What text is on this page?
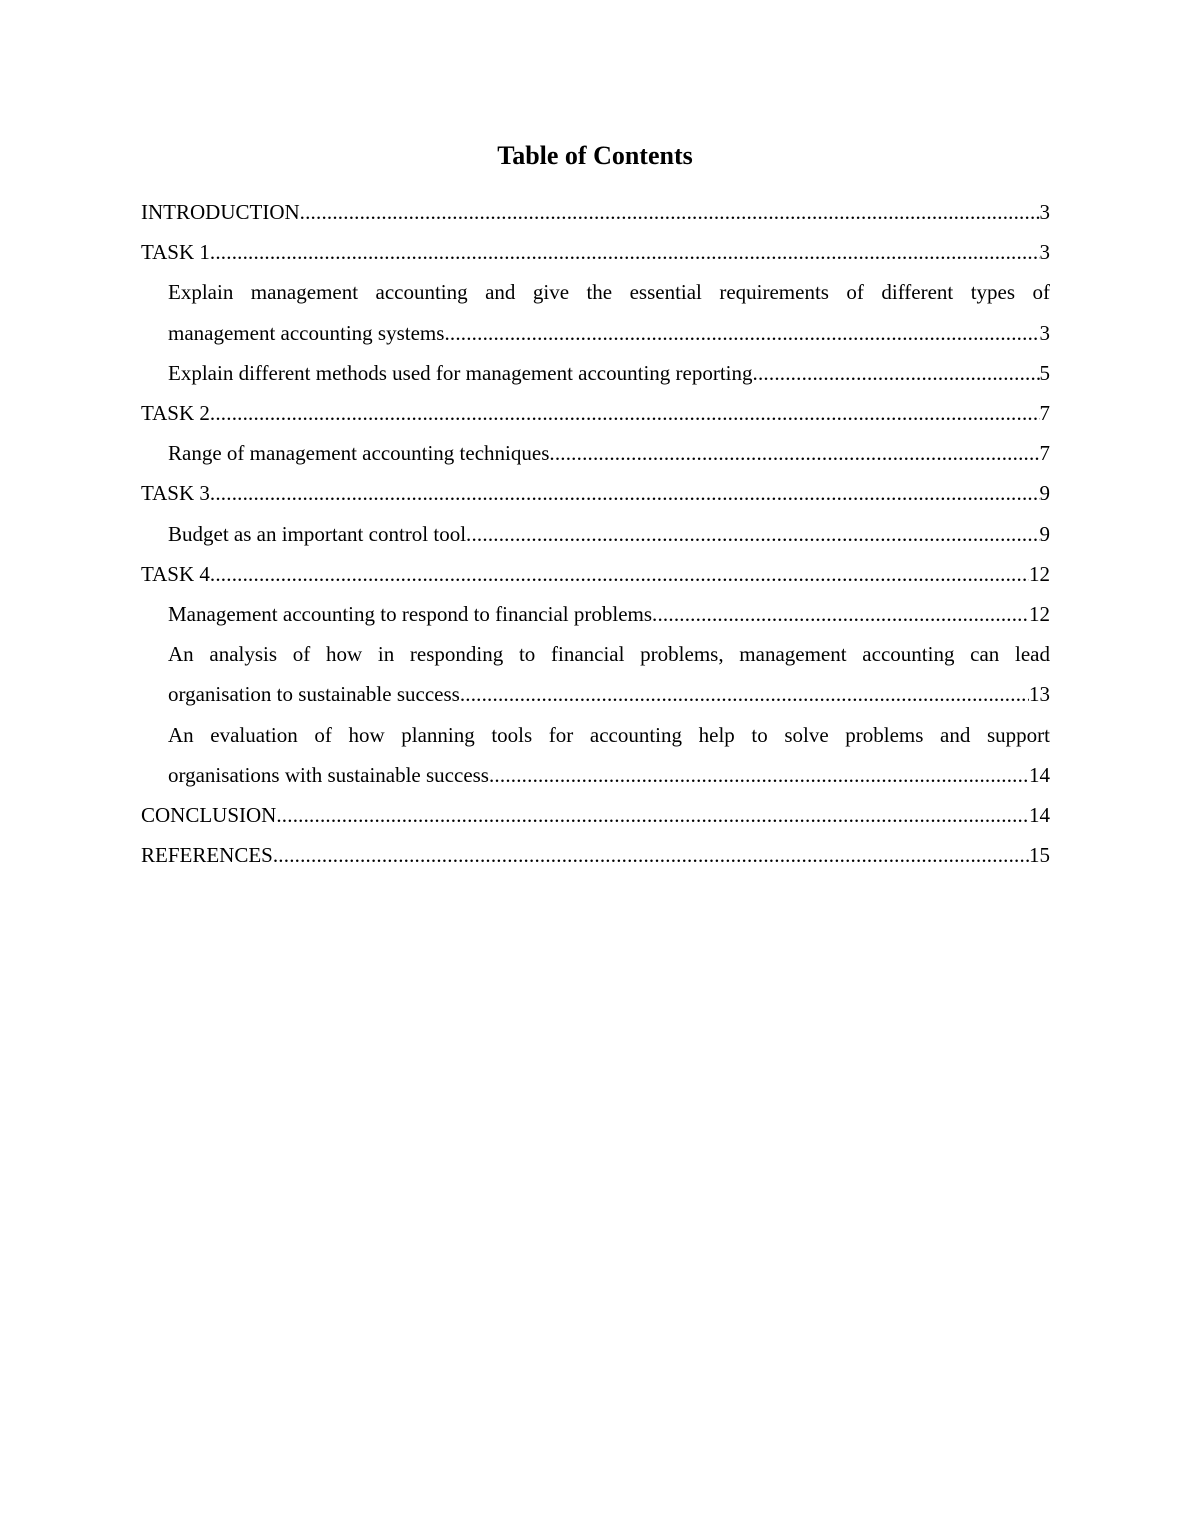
Table of Contents
INTRODUCTION .....	3
TASK 1 .....	3
Explain management accounting and give the essential requirements of different types of
management accounting systems .....	3
Explain different methods used for management accounting reporting .....	5
TASK 2 .....	7
Range of management accounting techniques .....	7
TASK 3 .....	9
Budget as an important control tool .....	9
TASK 4 .....	12
Management accounting to respond to financial problems .....	12
An analysis of how in responding to financial problems, management accounting can lead
organisation to sustainable success .....	13
An evaluation of how planning tools for accounting help to solve problems and support
organisations with sustainable success .....	14
CONCLUSION .....	14
REFERENCES .....	15
